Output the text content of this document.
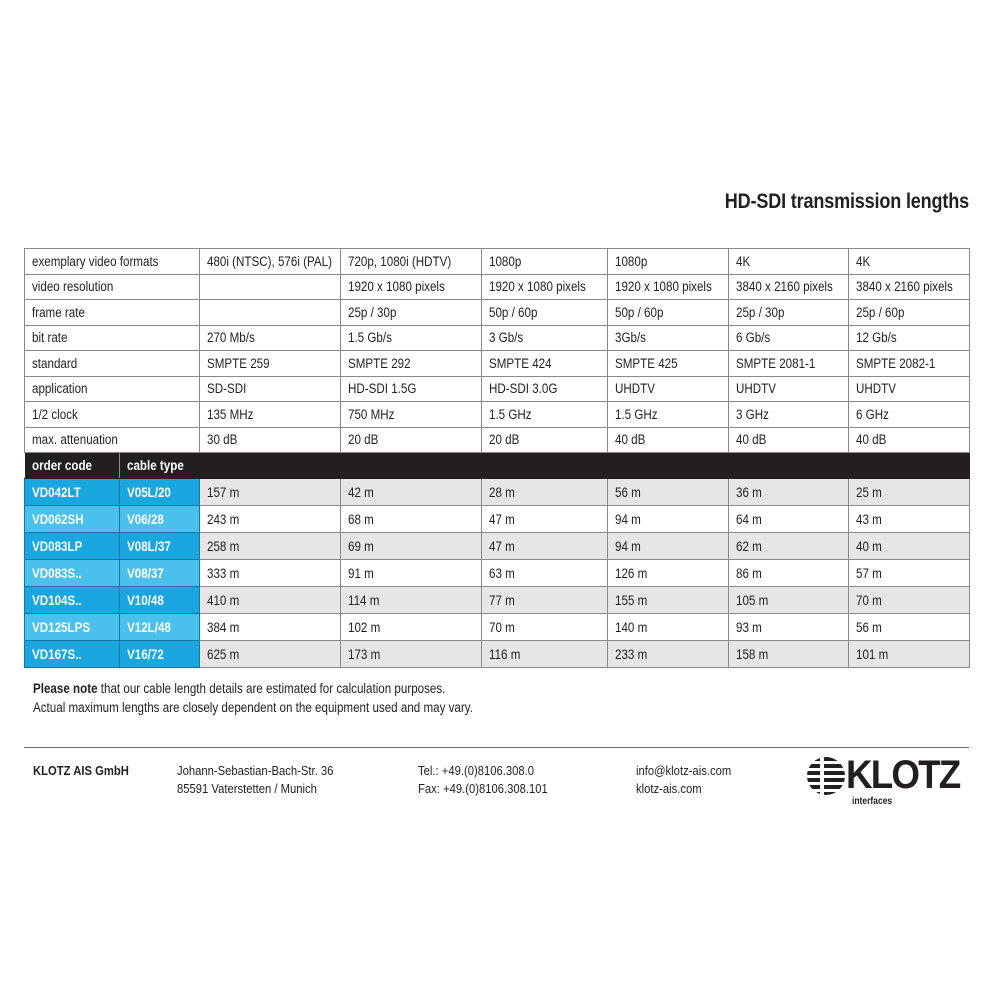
HD-SDI transmission lengths
exemplary video formats		480i (NTSC), 576i (PAL)	720p, 1080i (HDTV)	1080p	1080p	4K	4K
video resolution			1920 x 1080 pixels	1920 x 1080 pixels	1920 x 1080 pixels	3840 x 2160 pixels	3840 x 2160 pixels
frame rate			25p / 30p	50p / 60p	50p / 60p	25p / 30p	25p / 60p
bit rate		270 Mb/s	1.5 Gb/s	3 Gb/s	3Gb/s	6 Gb/s	12 Gb/s
standard		SMPTE 259	SMPTE 292	SMPTE 424	SMPTE 425	SMPTE 2081-1	SMPTE 2082-1
application		SD-SDI	HD-SDI 1.5G	HD-SDI 3.0G	UHDTV	UHDTV	UHDTV
1/2 clock		135 MHz	750 MHz	1.5 GHz	1.5 GHz	3 GHz	6 GHz
max. attenuation		30 dB	20 dB	20 dB	40 dB	40 dB	40 dB
order code	cable type						
VD042LT	V05L/20	157 m	42 m	28 m	56 m	36 m	25 m
VD062SH	V06/28	243 m	68 m	47 m	94 m	64 m	43 m
VD083LP	V08L/37	258 m	69 m	47 m	94 m	62 m	40 m
VD083S..	V08/37	333 m	91 m	63 m	126 m	86 m	57 m
VD104S..	V10/48	410 m	114 m	77 m	155 m	105 m	70 m
VD125LPS	V12L/48	384 m	102 m	70 m	140 m	93 m	56 m
VD167S..	V16/72	625 m	173 m	116 m	233 m	158 m	101 m
Please note that our cable length details are estimated for calculation purposes.
Actual maximum lengths are closely dependent on the equipment used and may vary.
KLOTZ AIS GmbH	Johann-Sebastian-Bach-Str. 36
85591 Vaterstetten / Munich
Tel.: +49.(0)8106.308.0
Fax: +49.(0)8106.308.101
info@klotz-ais.com
klotz-ais.com	KLOTZ
interfaces
